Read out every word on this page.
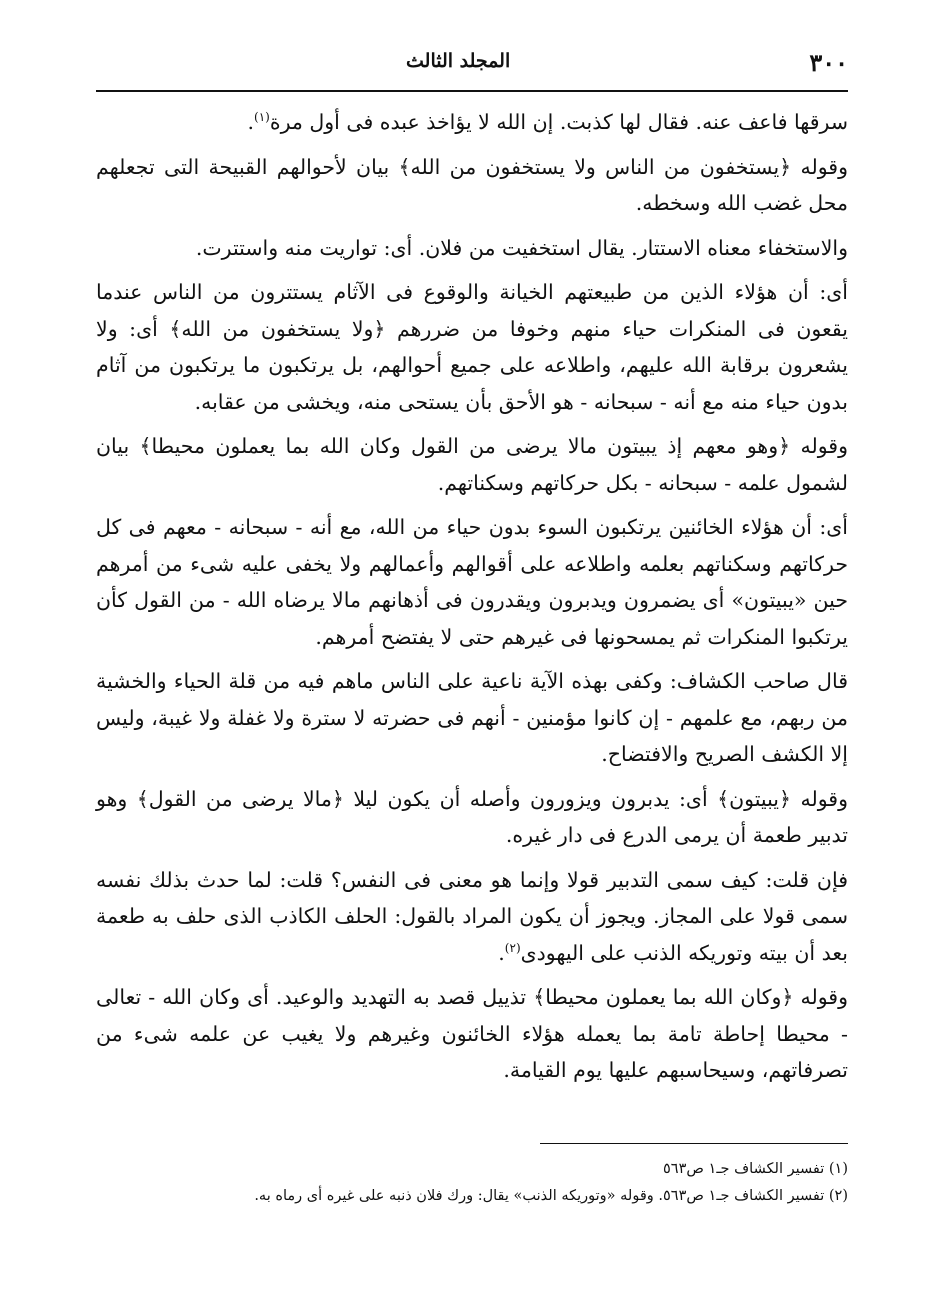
٣٠٠
المجلد الثالث

سرقها فاعف عنه. فقال لها كذبت. إن الله لا يؤاخذ عبده فى أول مرة$^{(١)}$.

وقوله ﴿يستخفون من الناس ولا يستخفون من الله﴾ بيان لأحوالهم القبيحة التى تجعلهم محل غضب الله وسخطه.

والاستخفاء معناه الاستتار. يقال استخفيت من فلان. أى: تواريت منه واستترت.

أى: أن هؤلاء الذين من طبيعتهم الخيانة والوقوع فى الآثام يستترون من الناس عندما يقعون فى المنكرات حياء منهم وخوفا من ضررهم ﴿ولا يستخفون من الله﴾ أى: ولا يشعرون برقابة الله عليهم، واطلاعه على جميع أحوالهم، بل يرتكبون ما يرتكبون من آثام بدون حياء منه مع أنه - سبحانه - هو الأحق بأن يستحى منه، ويخشى من عقابه.

وقوله ﴿وهو معهم إذ يبيتون مالا يرضى من القول وكان الله بما يعملون محيطا﴾ بيان لشمول علمه - سبحانه - بكل حركاتهم وسكناتهم.

أى: أن هؤلاء الخائنين يرتكبون السوء بدون حياء من الله، مع أنه - سبحانه - معهم فى كل حركاتهم وسكناتهم بعلمه واطلاعه على أقوالهم وأعمالهم ولا يخفى عليه شىء من أمرهم حين «يبيتون» أى يضمرون ويدبرون ويقدرون فى أذهانهم مالا يرضاه الله - من القول كأن يرتكبوا المنكرات ثم يمسحونها فى غيرهم حتى لا يفتضح أمرهم.

قال صاحب الكشاف: وكفى بهذه الآية ناعية على الناس ماهم فيه من قلة الحياء والخشية من ربهم، مع علمهم - إن كانوا مؤمنين - أنهم فى حضرته لا سترة ولا غفلة ولا غيبة، وليس إلا الكشف الصريح والافتضاح.

وقوله ﴿يبيتون﴾ أى: يدبرون ويزورون وأصله أن يكون ليلا ﴿مالا يرضى من القول﴾ وهو تدبير طعمة أن يرمى الدرع فى دار غيره.

فإن قلت: كيف سمى التدبير قولا وإنما هو معنى فى النفس؟ قلت: لما حدث بذلك نفسه سمى قولا على المجاز. ويجوز أن يكون المراد بالقول: الحلف الكاذب الذى حلف به طعمة بعد أن بيته وتوريكه الذنب على اليهودى$^{(٢)}$.

وقوله ﴿وكان الله بما يعملون محيطا﴾ تذييل قصد به التهديد والوعيد. أى وكان الله - تعالى - محيطا إحاطة تامة بما يعمله هؤلاء الخائنون وغيرهم ولا يغيب عن علمه شىء من تصرفاتهم، وسيحاسبهم عليها يوم القيامة.

(١) تفسير الكشاف جـ١ ص٥٦٣

(٢) تفسير الكشاف جـ١ ص٥٦٣. وقوله «وتوريكه الذنب» يقال: ورك فلان ذنبه على غيره أى رماه به.
